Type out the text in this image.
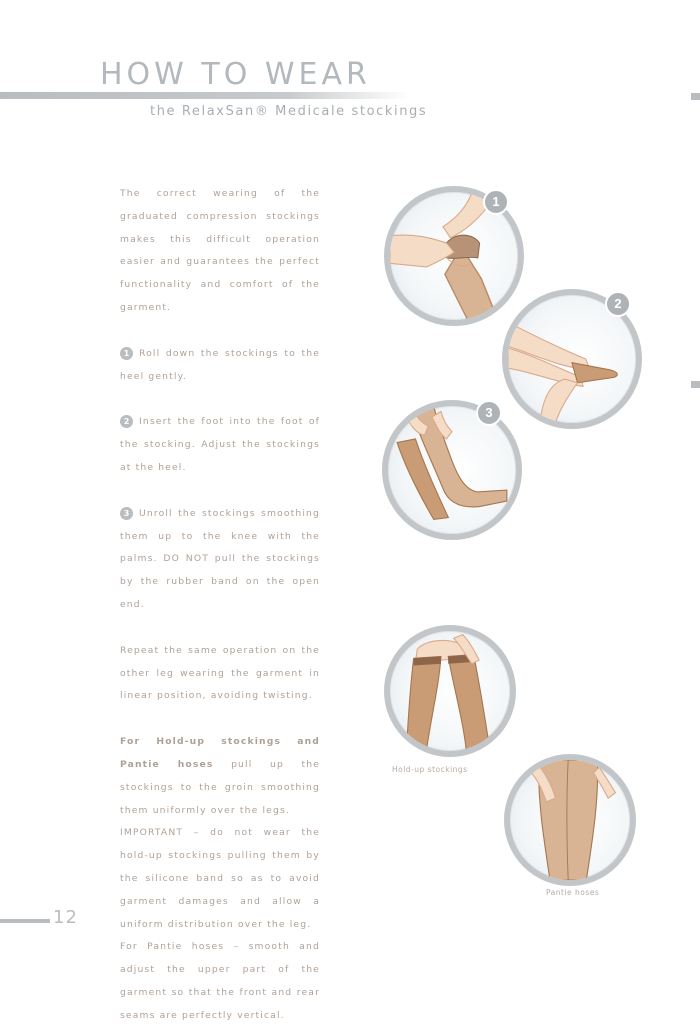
HOW TO WEAR
the RelaxSan® Medicale stockings

The correct wearing of the graduated compression stockings makes this difficult operation easier and guarantees the perfect functionality and comfort of the garment.

1 Roll down the stockings to the heel gently.

2 Insert the foot into the foot of the stocking. Adjust the stockings at the heel.

3 Unroll the stockings smoothing them up to the knee with the palms. DO NOT pull the stockings by the rubber band on the open end.

Repeat the same operation on the other leg wearing the garment in linear position, avoiding twisting.

For Hold-up stockings and Pantie hoses pull up the stockings to the groin smoothing them uniformly over the legs.

IMPORTANT – do not wear the hold-up stockings pulling them by the silicone band so as to avoid garment damages and allow a uniform distribution over the leg.

For Pantie hoses – smooth and adjust the upper part of the garment so that the front and rear seams are perfectly vertical.

1
2
3
Hold-up stockings
Pantie hoses
12
